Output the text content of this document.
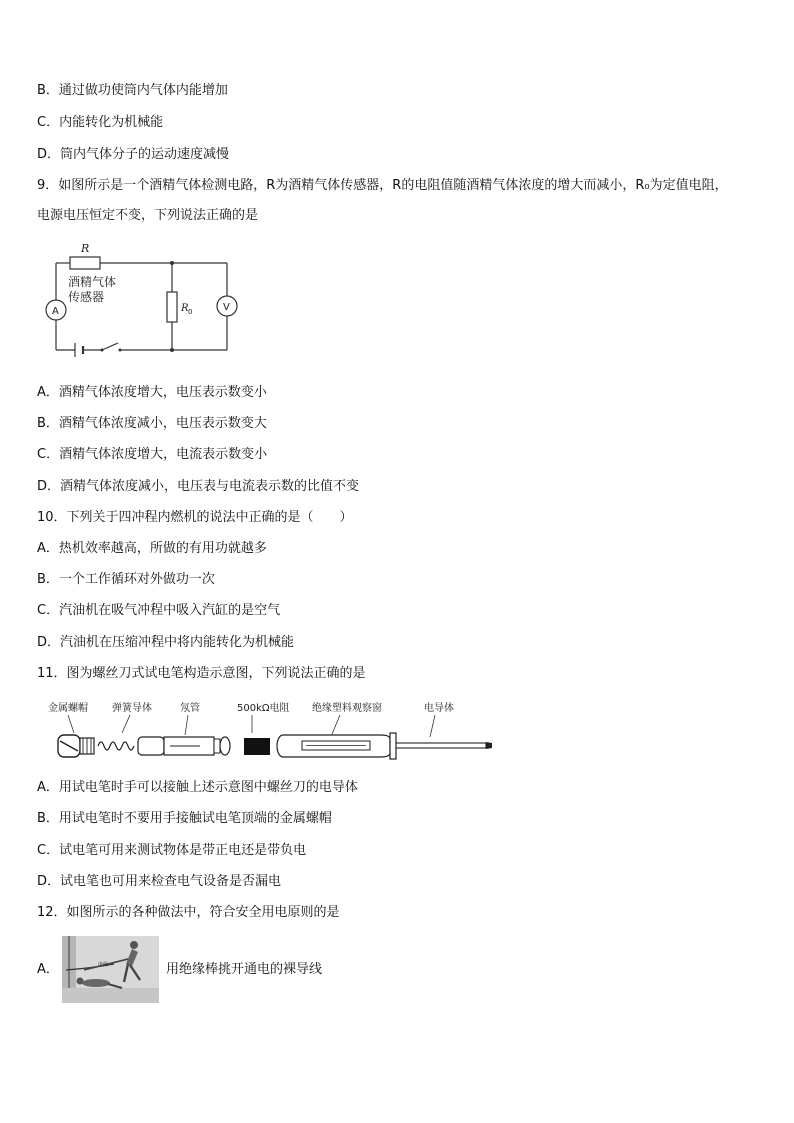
B．通过做功使筒内气体内能增加
C．内能转化为机械能
D．筒内气体分子的运动速度减慢
9．如图所示是一个酒精气体检测电路，R为酒精气体传感器，R的电阻值随酒精气体浓度的增大而减小，R₀为定值电阻，
电源电压恒定不变，下列说法正确的是
R
酒精气体
传感器
A	V
R 0
A．酒精气体浓度增大，电压表示数变小
B．酒精气体浓度减小，电压表示数变大
C．酒精气体浓度增大，电流表示数变小
D．酒精气体浓度减小，电压表与电流表示数的比值不变
10．下列关于四冲程内燃机的说法中正确的是（　　）
A．热机效率越高，所做的有用功就越多
B．一个工作循环对外做功一次
C．汽油机在吸气冲程中吸入汽缸的是空气
D．汽油机在压缩冲程中将内能转化为机械能
11．图为螺丝刀式试电笔构造示意图，下列说法正确的是
金属螺帽 弹簧导体	氖管	500kΩ电阻 绝缘塑料观察窗	电导体
A．用试电笔时手可以接触上述示意图中螺丝刀的电导体
B．用试电笔时不要用手接触试电笔顶端的金属螺帽
C．试电笔可用来测试物体是带正电还是带负电
D．试电笔也可用来检查电气设备是否漏电
12．如图所示的各种做法中，符合安全用电原则的是
A．	电线	用绝缘棒挑开通电的裸导线
